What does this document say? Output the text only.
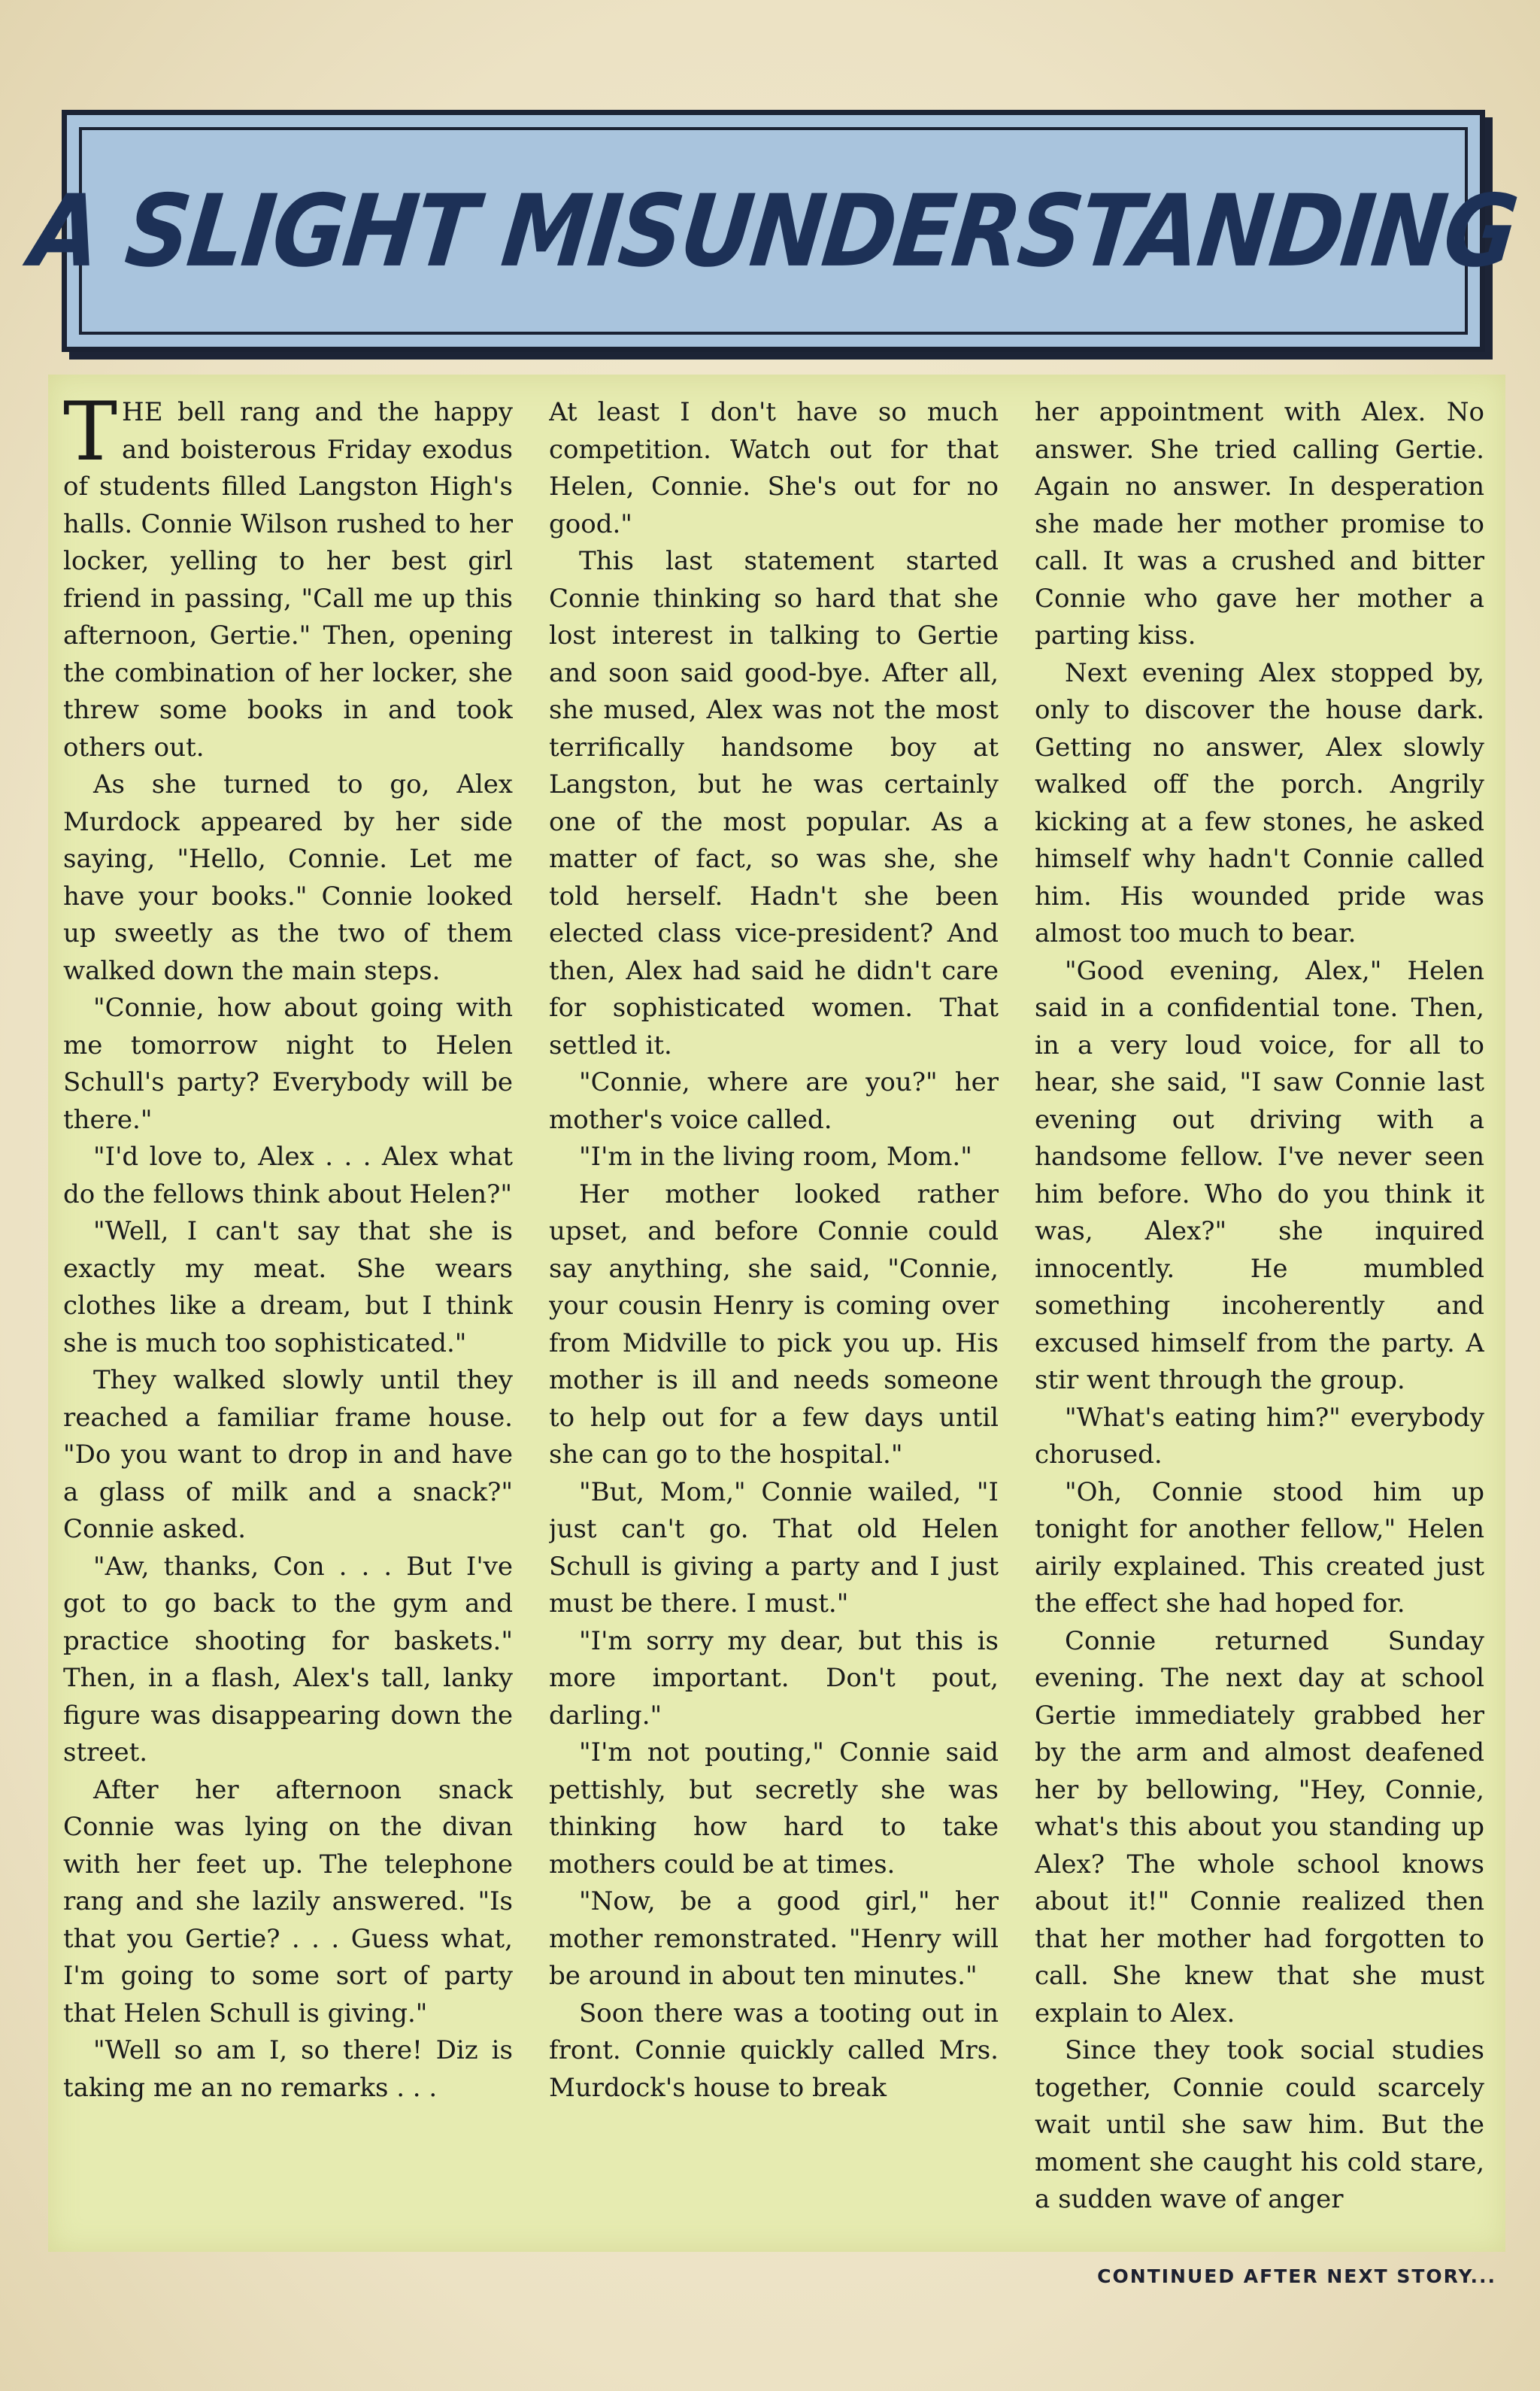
A SLIGHT MISUNDERSTANDING

THE bell rang and the happy and boisterous Friday exodus of students filled Langston High's halls. Connie Wilson rushed to her locker, yelling to her best girl friend in passing, "Call me up this afternoon, Gertie." Then, opening the combination of her locker, she threw some books in and took others out.

As she turned to go, Alex Murdock appeared by her side saying, "Hello, Connie. Let me have your books." Connie looked up sweetly as the two of them walked down the main steps.

"Connie, how about going with me tomorrow night to Helen Schull's party? Everybody will be there."

"I'd love to, Alex . . . Alex what do the fellows think about Helen?"

"Well, I can't say that she is exactly my meat. She wears clothes like a dream, but I think she is much too sophisticated."

They walked slowly until they reached a familiar frame house. "Do you want to drop in and have a glass of milk and a snack?" Connie asked.

"Aw, thanks, Con . . . But I've got to go back to the gym and practice shooting for baskets." Then, in a flash, Alex's tall, lanky figure was disappearing down the street.

After her afternoon snack Connie was lying on the divan with her feet up. The telephone rang and she lazily answered. "Is that you Gertie? . . . Guess what, I'm going to some sort of party that Helen Schull is giving."

"Well so am I, so there! Diz is taking me an no remarks . . .

At least I don't have so much competition. Watch out for that Helen, Connie. She's out for no good."

This last statement started Connie thinking so hard that she lost interest in talking to Gertie and soon said good-bye. After all, she mused, Alex was not the most terrifically handsome boy at Langston, but he was certainly one of the most popular. As a matter of fact, so was she, she told herself. Hadn't she been elected class vice-president? And then, Alex had said he didn't care for sophisticated women. That settled it.

"Connie, where are you?" her mother's voice called.

"I'm in the living room, Mom."

Her mother looked rather upset, and before Connie could say anything, she said, "Connie, your cousin Henry is coming over from Midville to pick you up. His mother is ill and needs someone to help out for a few days until she can go to the hospital."

"But, Mom," Connie wailed, "I just can't go. That old Helen Schull is giving a party and I just must be there. I must."

"I'm sorry my dear, but this is more important. Don't pout, darling."

"I'm not pouting," Connie said pettishly, but secretly she was thinking how hard to take mothers could be at times.

"Now, be a good girl," her mother remonstrated. "Henry will be around in about ten minutes."

Soon there was a tooting out in front. Connie quickly called Mrs. Murdock's house to break

her appointment with Alex. No answer. She tried calling Gertie. Again no answer. In desperation she made her mother promise to call. It was a crushed and bitter Connie who gave her mother a parting kiss.

Next evening Alex stopped by, only to discover the house dark. Getting no answer, Alex slowly walked off the porch. Angrily kicking at a few stones, he asked himself why hadn't Connie called him. His wounded pride was almost too much to bear.

"Good evening, Alex," Helen said in a confidential tone. Then, in a very loud voice, for all to hear, she said, "I saw Connie last evening out driving with a handsome fellow. I've never seen him before. Who do you think it was, Alex?" she inquired innocently. He mumbled something incoherently and excused himself from the party. A stir went through the group.

"What's eating him?" everybody chorused.

"Oh, Connie stood him up tonight for another fellow," Helen airily explained. This created just the effect she had hoped for.

Connie returned Sunday evening. The next day at school Gertie immediately grabbed her by the arm and almost deafened her by bellowing, "Hey, Connie, what's this about you standing up Alex? The whole school knows about it!" Connie realized then that her mother had forgotten to call. She knew that she must explain to Alex.

Since they took social studies together, Connie could scarcely wait until she saw him. But the moment she caught his cold stare, a sudden wave of anger

CONTINUED AFTER NEXT STORY...
